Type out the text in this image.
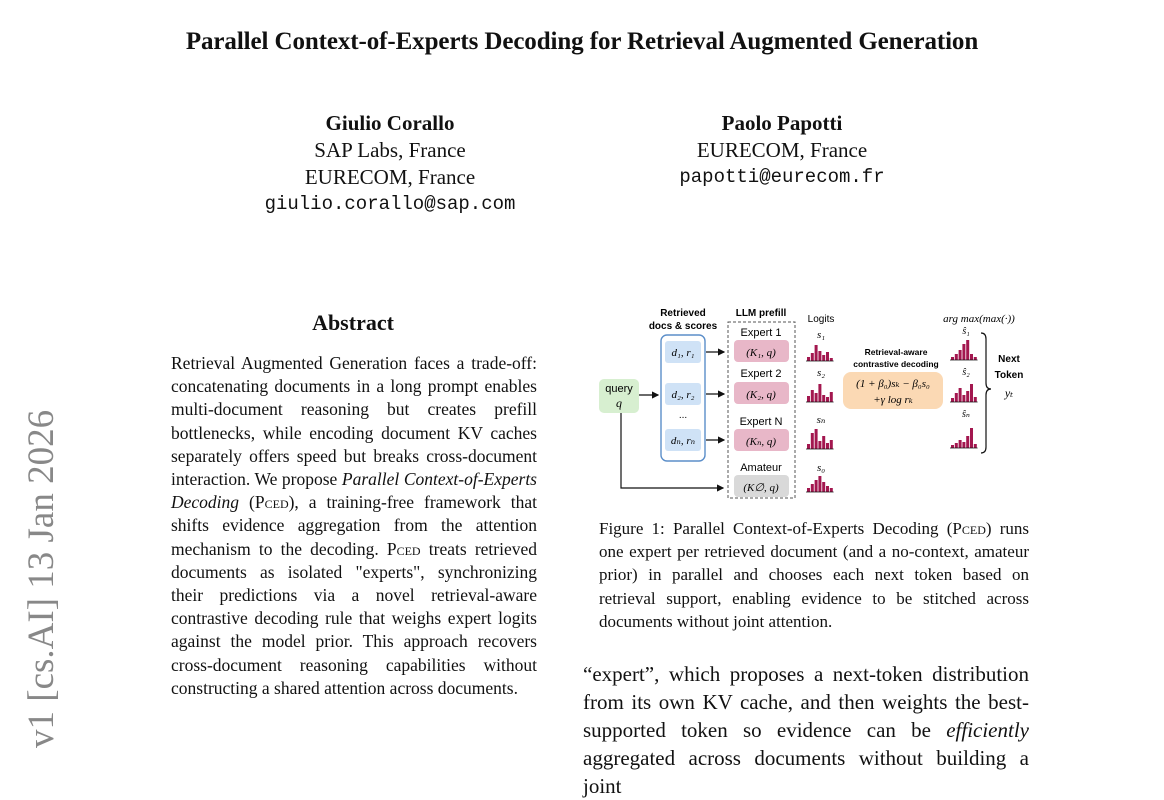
Parallel Context-of-Experts Decoding for Retrieval Augmented Generation
Giulio Corallo
SAP Labs, France
EURECOM, France
giulio.corallo@sap.com
Paolo Papotti
EURECOM, France
papotti@eurecom.fr
v1 [cs.AI] 13 Jan 2026
Abstract
Retrieval Augmented Generation faces a trade-off: concatenating documents in a long prompt enables multi-document reasoning but creates prefill bottlenecks, while encoding document KV caches separately offers speed but breaks cross-document interaction. We propose Parallel Context-of-Experts Decoding (Pced), a training-free framework that shifts evidence aggregation from the attention mechanism to the decoding. Pced treats retrieved documents as isolated "experts", synchronizing their predictions via a novel retrieval-aware contrastive decoding rule that weighs expert logits against the model prior. This approach recovers cross-document reasoning capabilities without constructing a shared attention across documents.
Retrieved
docs & scores
LLM prefill
Logits	arg max(max(·))
query
q
d₁, r₁
d₂, r₂
...
dₙ, rₙ
Expert 1
(K₁, q)
Expert 2
(K₂, q)
Expert N
(Kₙ, q)
Amateur
(K∅, q)
s₁
s₂
sₙ
s₀
Retrieval-aware
contrastive decoding
(1 + β₀)sₖ − β₀s₀
+γ log rₖ
ŝ₁
ŝ₂
ŝₙ
Next
Token
yₜ
Figure 1: Parallel Context-of-Experts Decoding (Pced) runs one expert per retrieved document (and a no-context, amateur prior) in parallel and chooses each next token based on retrieval support, enabling evidence to be stitched across documents without joint attention.
“expert”, which proposes a next-token distribution from its own KV cache, and then weights the best-supported token so evidence can be efficiently aggregated across documents without building a joint
